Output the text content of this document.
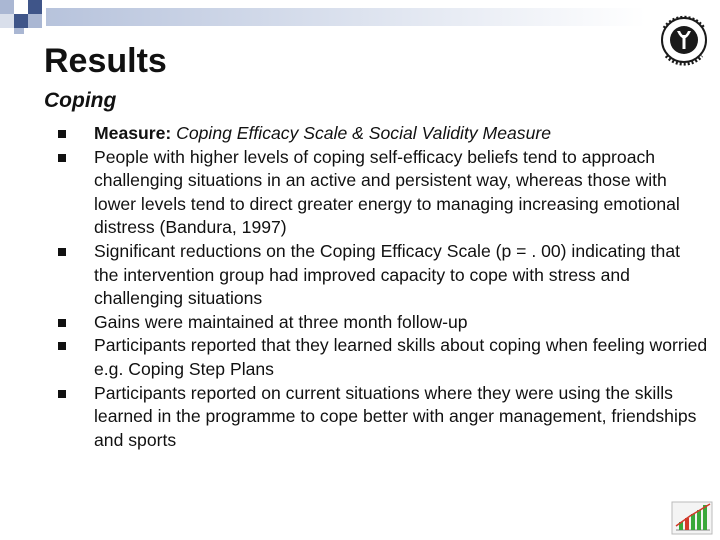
Results
Coping
Measure: Coping Efficacy Scale & Social Validity Measure
People with higher levels of coping self-efficacy beliefs tend to approach challenging situations in an active and persistent way, whereas those with lower levels tend to direct greater energy to managing increasing emotional distress (Bandura, 1997)
Significant reductions on the Coping Efficacy Scale (p = . 00) indicating that the intervention group had improved capacity to cope with stress and challenging situations
Gains were maintained at three month follow-up
Participants reported that they learned skills about coping when feeling worried e.g. Coping Step Plans
Participants reported on current situations where they were using the skills learned in the programme to cope better with anger management, friendships and sports
